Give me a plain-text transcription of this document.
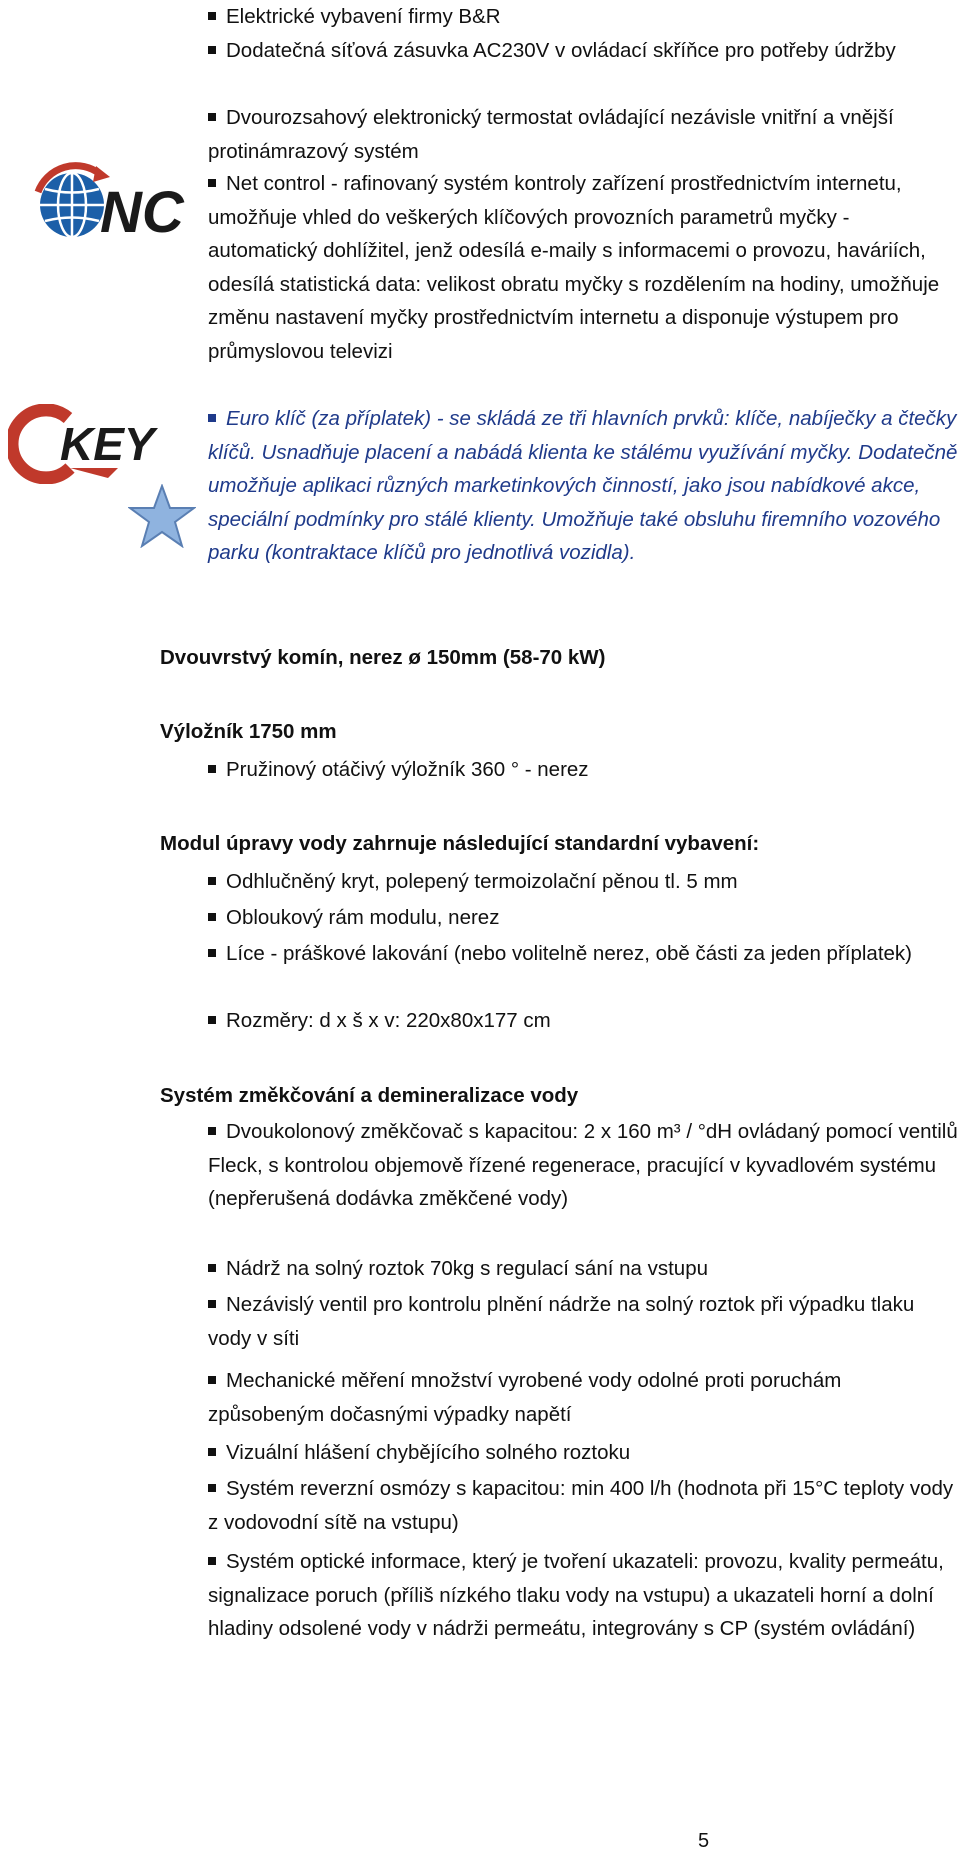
Elektrické vybavení firmy B&R

Dodatečná síťová zásuvka AC230V v ovládací skříňce pro potřeby údržby

Dvourozsahový elektronický termostat ovládající nezávisle vnitřní a vnější protinámrazový systém

Net control - rafinovaný systém kontroly zařízení prostřednictvím internetu, umožňuje vhled do veškerých klíčových provozních parametrů myčky - automatický dohlížitel, jenž odesílá e-maily s informacemi o provozu, haváriích, odesílá statistická data: velikost obratu myčky s rozdělením na hodiny, umožňuje změnu nastavení myčky prostřednictvím internetu a disponuje výstupem pro průmyslovou televizi

NC
KEY	Euro klíč (za příplatek) - se skládá ze tři hlavních prvků: klíče, nabíječky a čtečky klíčů. Usnadňuje placení a nabádá klienta ke stálému využívání myčky. Dodatečně umožňuje aplikaci různých marketinkových činností, jako jsou nabídkové akce, speciální podmínky pro stálé klienty. Umožňuje také obsluhu firemního vozového parku (kontraktace klíčů pro jednotlivá vozidla).

Dvouvrstvý komín, nerez ø 150mm (58-70 kW)

Výložník 1750 mm

Pružinový otáčivý výložník 360 ° - nerez

Modul úpravy vody zahrnuje následující standardní vybavení:

Odhlučněný kryt, polepený termoizolační pěnou tl. 5 mm

Obloukový rám modulu, nerez

Líce - práškové lakování (nebo volitelně nerez, obě části za jeden příplatek)

Rozměry: d x š x v: 220x80x177 cm

Systém změkčování a demineralizace vody

Dvoukolonový změkčovač s kapacitou: 2 x 160 m³ / °dH ovládaný pomocí ventilů Fleck, s kontrolou objemově řízené regenerace, pracující v kyvadlovém systému (nepřerušená dodávka změkčené vody)

Nádrž na solný roztok 70kg s regulací sání na vstupu

Nezávislý ventil pro kontrolu plnění nádrže na solný roztok při výpadku tlaku vody v síti

Mechanické měření množství vyrobené vody odolné proti poruchám způsobeným dočasnými výpadky napětí

Vizuální hlášení chybějícího solného roztoku

Systém reverzní osmózy s kapacitou: min 400 l/h (hodnota při 15°C teploty vody z vodovodní sítě na vstupu)

Systém optické informace, který je tvoření ukazateli: provozu, kvality permeátu, signalizace poruch (příliš nízkého tlaku vody na vstupu) a ukazateli horní a dolní hladiny odsolené vody v nádrži permeátu, integrovány s CP (systém ovládání)

5
